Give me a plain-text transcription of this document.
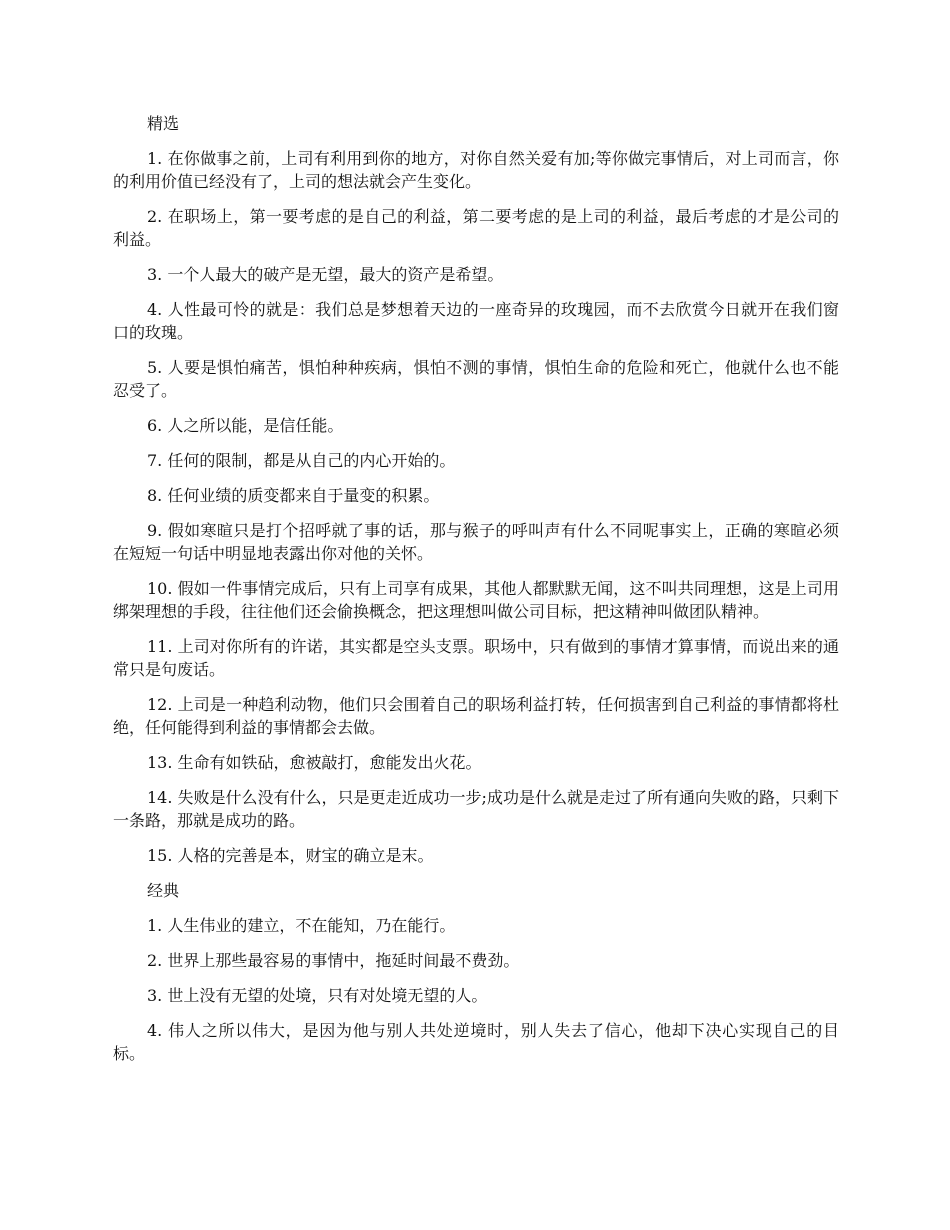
精选

1. 在你做事之前，上司有利用到你的地方，对你自然关爱有加;等你做完事情后，对上司而言，你的利用价值已经没有了，上司的想法就会产生变化。

2. 在职场上，第一要考虑的是自己的利益，第二要考虑的是上司的利益，最后考虑的才是公司的利益。

3. 一个人最大的破产是无望，最大的资产是希望。

4. 人性最可怜的就是：我们总是梦想着天边的一座奇异的玫瑰园，而不去欣赏今日就开在我们窗口的玫瑰。

5. 人要是惧怕痛苦，惧怕种种疾病，惧怕不测的事情，惧怕生命的危险和死亡，他就什么也不能忍受了。

6. 人之所以能，是信任能。

7. 任何的限制，都是从自己的内心开始的。

8. 任何业绩的质变都来自于量变的积累。

9. 假如寒暄只是打个招呼就了事的话，那与猴子的呼叫声有什么不同呢事实上，正确的寒暄必须在短短一句话中明显地表露出你对他的关怀。

10. 假如一件事情完成后，只有上司享有成果，其他人都默默无闻，这不叫共同理想，这是上司用绑架理想的手段，往往他们还会偷换概念，把这理想叫做公司目标，把这精神叫做团队精神。

11. 上司对你所有的许诺，其实都是空头支票。职场中，只有做到的事情才算事情，而说出来的通常只是句废话。

12. 上司是一种趋利动物，他们只会围着自己的职场利益打转，任何损害到自己利益的事情都将杜绝，任何能得到利益的事情都会去做。

13. 生命有如铁砧，愈被敲打，愈能发出火花。

14. 失败是什么没有什么，只是更走近成功一步;成功是什么就是走过了所有通向失败的路，只剩下一条路，那就是成功的路。

15. 人格的完善是本，财宝的确立是末。

经典

1. 人生伟业的建立，不在能知，乃在能行。

2. 世界上那些最容易的事情中，拖延时间最不费劲。

3. 世上没有无望的处境，只有对处境无望的人。

4. 伟人之所以伟大，是因为他与别人共处逆境时，别人失去了信心，他却下决心实现自己的目标。
